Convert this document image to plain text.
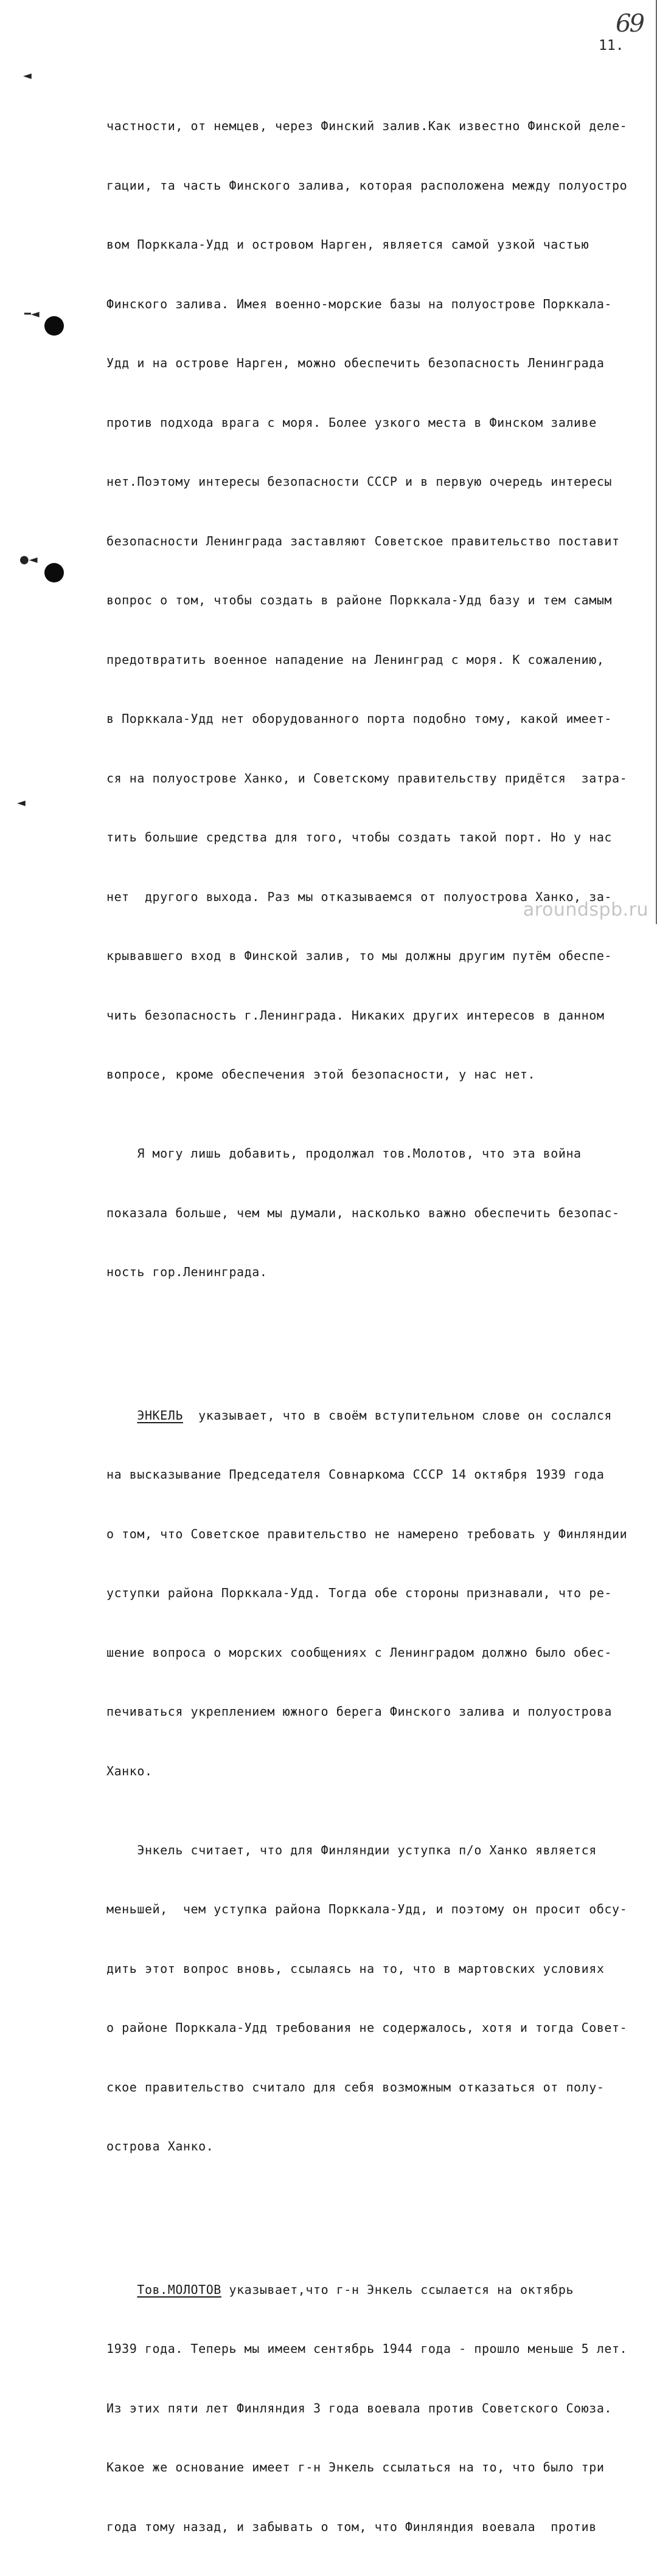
69
11.
◄
━◄
●◄
◄

частности, от немцев, через Финский залив.Как известно Финской деле-

гации, та часть Финского залива, которая расположена между полуостро

вом Порккала-Удд и островом Нарген, является самой узкой частью

Финского залива. Имея военно-морские базы на полуострове Порккала-

Удд и на острове Нарген, можно обеспечить безопасность Ленинграда

против подхода врага с моря. Более узкого места в Финском заливе

нет.Поэтому интересы безопасности СССР и в первую очередь интересы

безопасности Ленинграда заставляют Советское правительство поставит

вопрос о том, чтобы создать в районе Порккала-Удд базу и тем самым

предотвратить военное нападение на Ленинград с моря. К сожалению,

в Порккала-Удд нет оборудованного порта подобно тому, какой имеет-

ся на полуострове Ханко, и Советскому правительству придётся  затра-

тить большие средства для того, чтобы создать такой порт. Но у нас

нет  другого выхода. Раз мы отказываемся от полуострова Ханко, за-

крывавшего вход в Финской залив, то мы должны другим путём обеспе-

чить безопасность г.Ленинграда. Никаких других интересов в данном

вопросе, кроме обеспечения этой безопасности, у нас нет.

Я могу лишь добавить, продолжал тов.Молотов, что эта война

показала больше, чем мы думали, насколько важно обеспечить безопас-

ность гор.Ленинграда.

ЭНКЕЛЬ  указывает, что в своём вступительном слове он сослался

на высказывание Председателя Совнаркома СССР 14 октября 1939 года

о том, что Советское правительство не намерено требовать у Финляндии

уступки района Порккала-Удд. Тогда обе стороны признавали, что ре-

шение вопроса о морских сообщениях с Ленинградом должно было обес-

печиваться укреплением южного берега Финского залива и полуострова

Ханко.

Энкель считает, что для Финляндии уступка п/о Ханко является

меньшей,  чем уступка района Порккала-Удд, и поэтому он просит обсу-

дить этот вопрос вновь, ссылаясь на то, что в мартовских условиях

о районе Порккала-Удд требования не содержалось, хотя и тогда Совет-

ское правительство считало для себя возможным отказаться от полу-

острова Ханко.

Тов.МОЛОТОВ указывает,что г-н Энкель ссылается на октябрь

1939 года. Теперь мы имеем сентябрь 1944 года - прошло меньше 5 лет.

Из этих пяти лет Финляндия 3 года воевала против Советского Союза.

Какое же основание имеет г-н Энкель ссылаться на то, что было три

года тому назад, и забывать о том, что Финляндия воевала  против

aroundspb.ru
